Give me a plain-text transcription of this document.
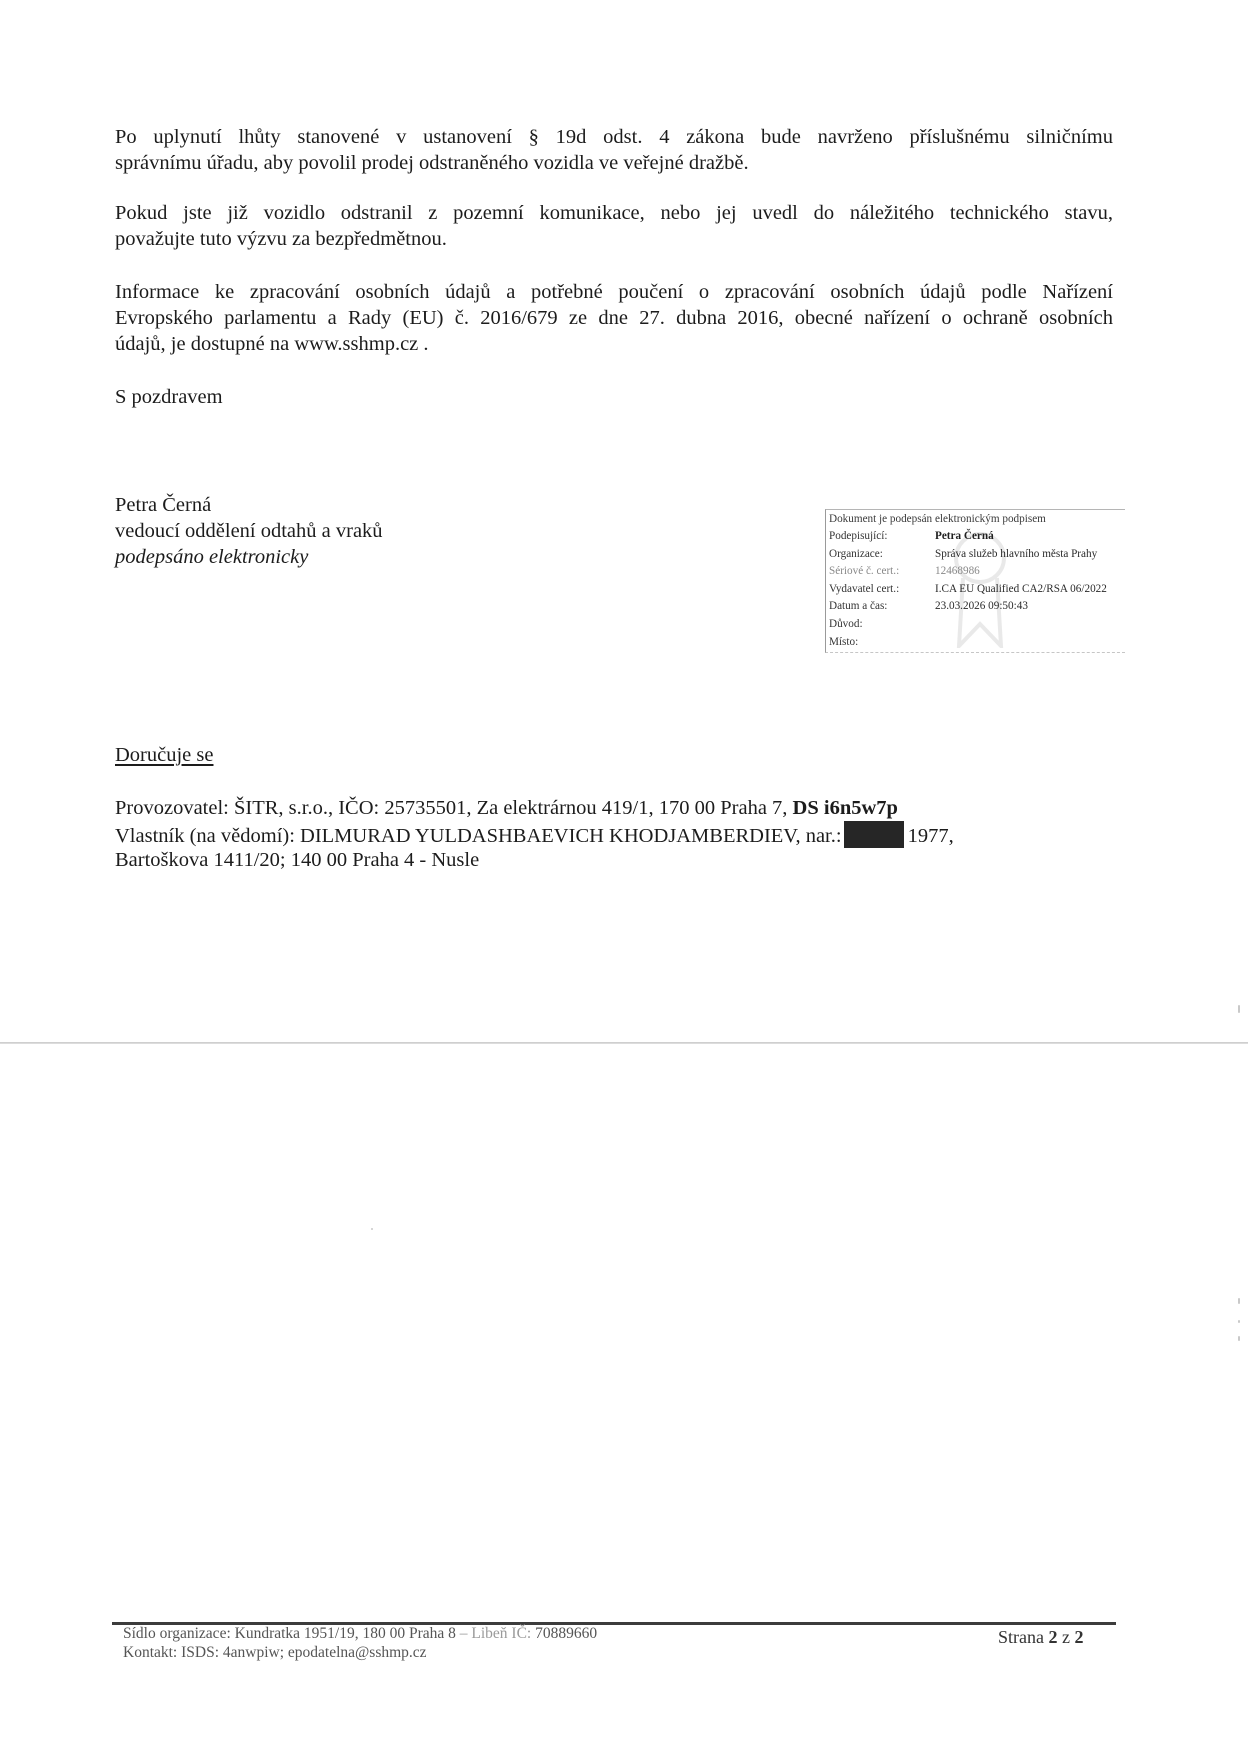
Po uplynutí lhůty stanovené v ustanovení § 19d odst. 4 zákona bude navrženo příslušnému silničnímu
správnímu úřadu, aby povolil prodej odstraněného vozidla ve veřejné dražbě.
Pokud jste již vozidlo odstranil z pozemní komunikace, nebo jej uvedl do náležitého technického stavu,
považujte tuto výzvu za bezpředmětnou.
Informace ke zpracování osobních údajů a potřebné poučení o zpracování osobních údajů podle Nařízení
Evropského parlamentu a Rady (EU) č. 2016/679 ze dne 27. dubna 2016, obecné nařízení o ochraně osobních
údajů, je dostupné na www.sshmp.cz .
S pozdravem
Petra Černá
vedoucí oddělení odtahů a vraků
podepsáno elektronicky
Dokument je podepsán elektronickým podpisem
Podepisující:	Petra Černá
Organizace:	Správa služeb hlavního města Prahy
Sériové č. cert.:	12468986
Vydavatel cert.:	I.CA EU Qualified CA2/RSA 06/2022
Datum a čas:	23.03.2026 09:50:43
Důvod:
Místo:
Doručuje se
Provozovatel: ŠITR, s.r.o., IČO: 25735501, Za elektrárnou 419/1, 170 00 Praha 7, DS i6n5w7p
Vlastník (na vědomí): DILMURAD YULDASHBAEVICH KHODJAMBERDIEV, nar.:	1977,
Bartoškova 1411/20; 140 00 Praha 4 - Nusle
Sídlo organizace: Kundratka 1951/19, 180 00 Praha 8 – Libeň IČ: 70889660
Kontakt: ISDS: 4anwpiw; epodatelna@sshmp.cz
Strana 2 z 2
